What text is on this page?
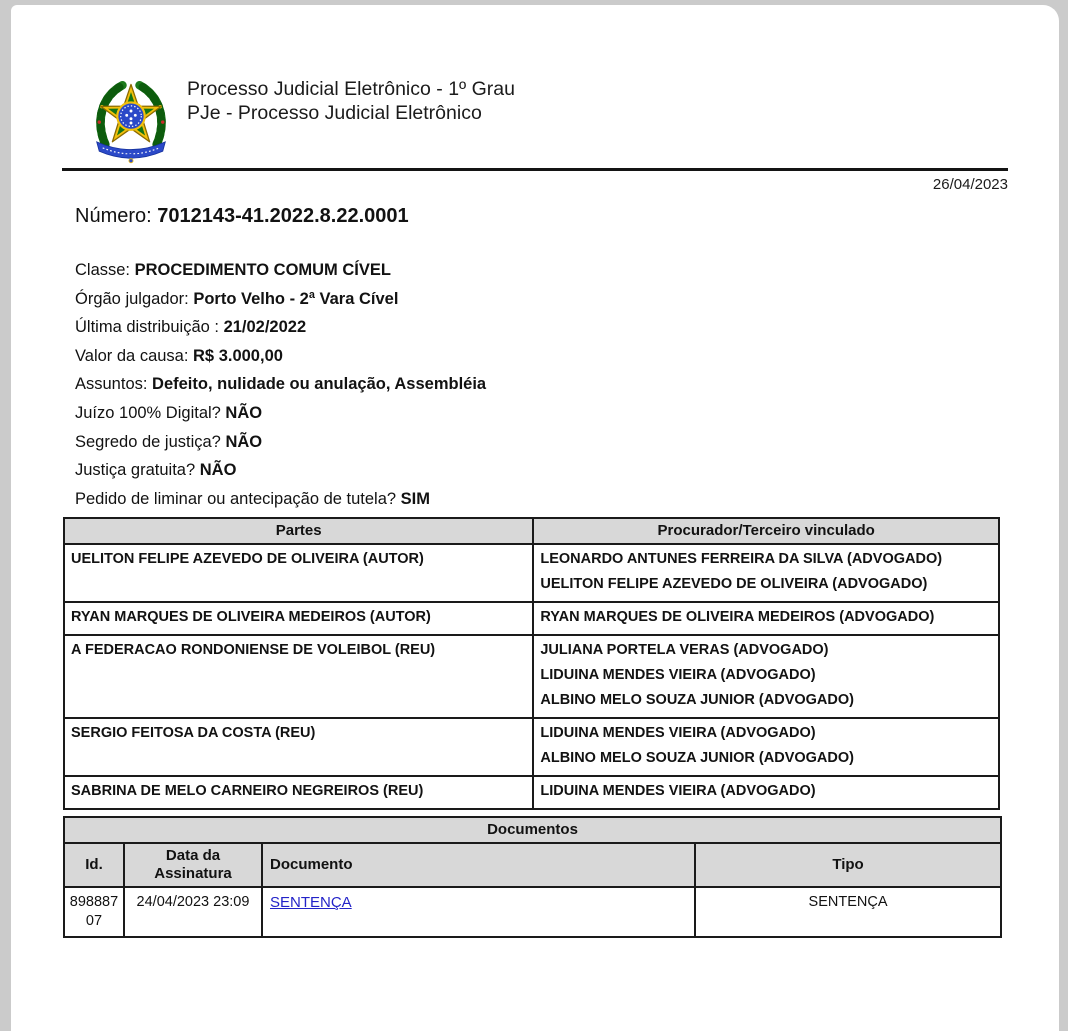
Processo Judicial Eletrônico - 1º Grau
PJe - Processo Judicial Eletrônico
26/04/2023
Número: 7012143-41.2022.8.22.0001
Classe: PROCEDIMENTO COMUM CÍVEL
Órgão julgador: Porto Velho - 2ª Vara Cível
Última distribuição : 21/02/2022
Valor da causa: R$ 3.000,00
Assuntos: Defeito, nulidade ou anulação, Assembléia
Juízo 100% Digital? NÃO
Segredo de justiça? NÃO
Justiça gratuita? NÃO
Pedido de liminar ou antecipação de tutela? SIM
Partes	Procurador/Terceiro vinculado
UELITON FELIPE AZEVEDO DE OLIVEIRA (AUTOR)	LEONARDO ANTUNES FERREIRA DA SILVA (ADVOGADO)
UELITON FELIPE AZEVEDO DE OLIVEIRA (ADVOGADO)

RYAN MARQUES DE OLIVEIRA MEDEIROS (AUTOR)	RYAN MARQUES DE OLIVEIRA MEDEIROS (ADVOGADO)

A FEDERACAO RONDONIENSE DE VOLEIBOL (REU)	JULIANA PORTELA VERAS (ADVOGADO)
LIDUINA MENDES VIEIRA (ADVOGADO)
ALBINO MELO SOUZA JUNIOR (ADVOGADO)

SERGIO FEITOSA DA COSTA (REU)	LIDUINA MENDES VIEIRA (ADVOGADO)
ALBINO MELO SOUZA JUNIOR (ADVOGADO)

SABRINA DE MELO CARNEIRO NEGREIROS (REU)	LIDUINA MENDES VIEIRA (ADVOGADO)
Documentos			
Id.	Data da Assinatura	Documento	Tipo
89888707	24/04/2023 23:09	SENTENÇA	SENTENÇA
